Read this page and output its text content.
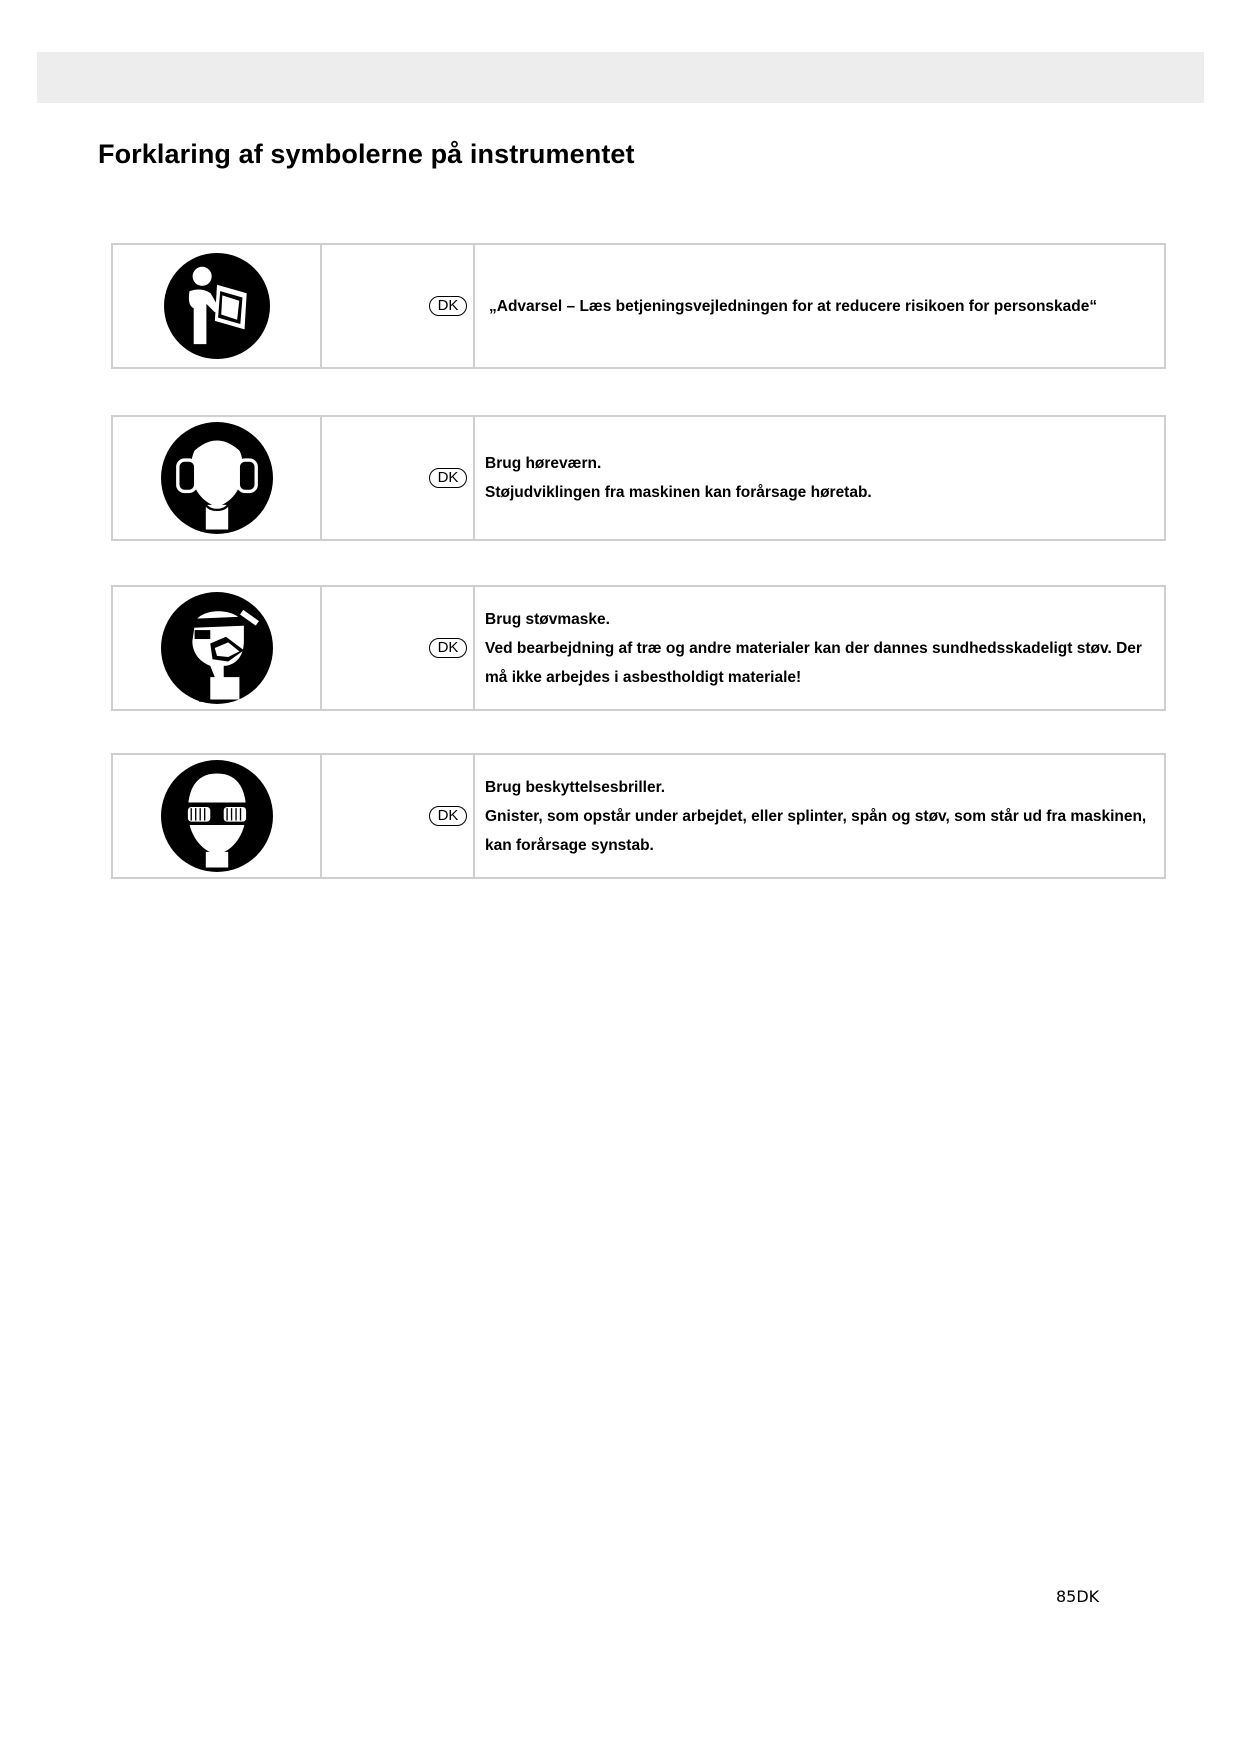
Forklaring af symbolerne på instrumentet
DK	„Advarsel – Læs betjeningsvejledningen for at reducere risikoen for personskade“

DK

Brug høreværn.

Støjudviklingen fra maskinen kan forårsage høretab.

DK

Brug støvmaske.

Ved bearbejdning af træ og andre materialer kan der dannes sundhedsskadeligt støv. Der må ikke arbejdes i asbestholdigt materiale!

DK

Brug beskyttelsesbriller.

Gnister, som opstår under arbejdet, eller splinter, spån og støv, som står ud fra maskinen, kan forårsage synstab.

85DK
